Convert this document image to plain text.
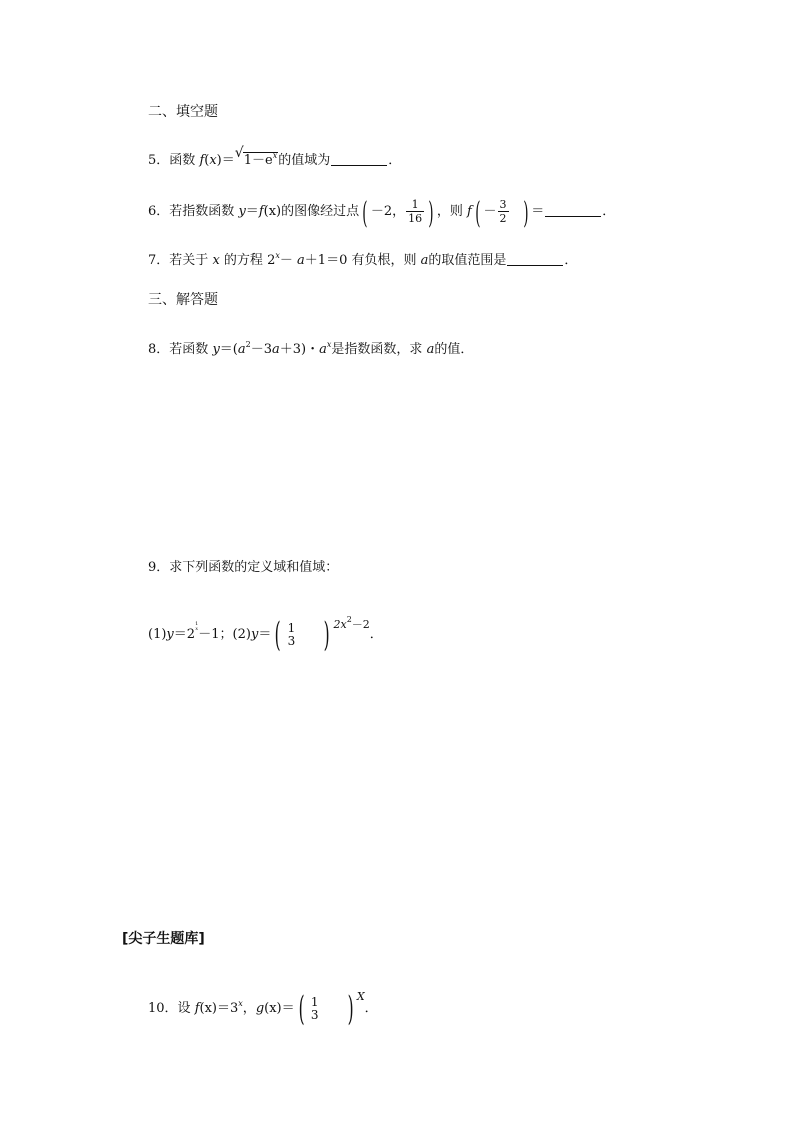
二、填空题
5．函数 f(x)＝ √ $1-e^x$的值域为	．
6．若指数函数 y＝f(x)的图像经过点 ( －2， $\frac{1}{16}$ ) ，则 f ( － $\frac{3}{2}$ ) ＝	．
7．若关于 x 的方程 $2^x- a+1=0$ 有负根，则 a的取值范围是	．
三、解答题
8．若函数 $y=(a^2-3a+3)$・$a^x$是指数函数，求 a的值．
9．求下列函数的定义域和值域：
(1)y＝2
1
x －1；(2)y＝ ( 1
3 ) $^{2x^2-2}$．
[尖子生题库]
10．设 $f(x)=3^x$，g(x)＝ ( 1
3 ) $^X$．
